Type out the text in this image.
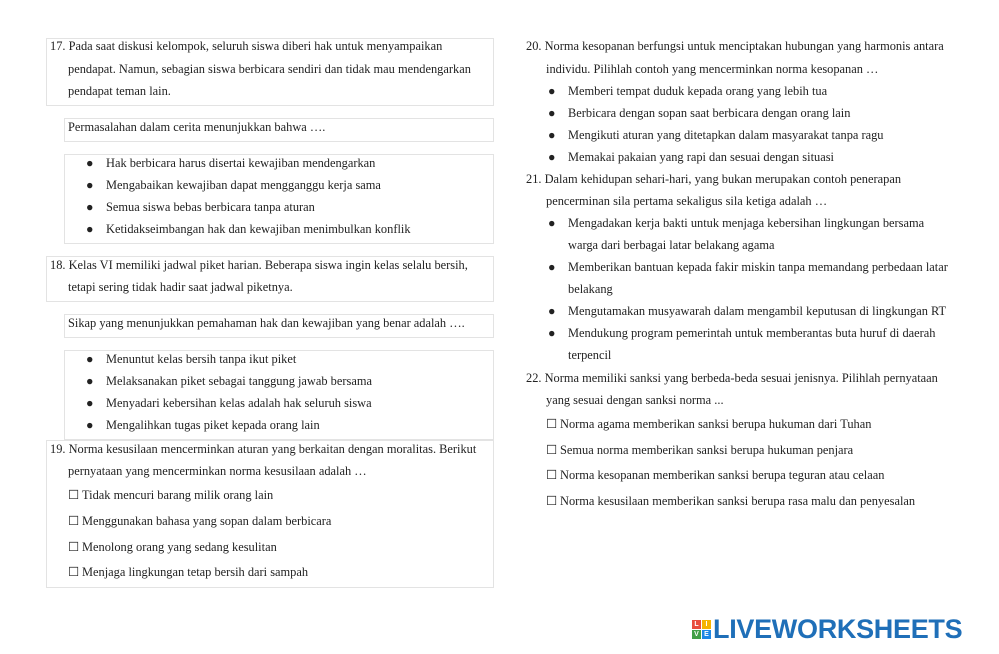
17. Pada saat diskusi kelompok, seluruh siswa diberi hak untuk menyampaikan
pendapat. Namun, sebagian siswa berbicara sendiri dan tidak mau mendengarkan
pendapat teman lain.
Permasalahan dalam cerita menunjukkan bahwa ….
● Hak berbicara harus disertai kewajiban mendengarkan
● Mengabaikan kewajiban dapat mengganggu kerja sama
● Semua siswa bebas berbicara tanpa aturan
● Ketidakseimbangan hak dan kewajiban menimbulkan konflik
18. Kelas VI memiliki jadwal piket harian. Beberapa siswa ingin kelas selalu bersih,
tetapi sering tidak hadir saat jadwal piketnya.
Sikap yang menunjukkan pemahaman hak dan kewajiban yang benar adalah ….
● Menuntut kelas bersih tanpa ikut piket
● Melaksanakan piket sebagai tanggung jawab bersama
● Menyadari kebersihan kelas adalah hak seluruh siswa
● Mengalihkan tugas piket kepada orang lain
19. Norma kesusilaan mencerminkan aturan yang berkaitan dengan moralitas. Berikut
pernyataan yang mencerminkan norma kesusilaan adalah …
☐ Tidak mencuri barang milik orang lain
☐ Menggunakan bahasa yang sopan dalam berbicara
☐ Menolong orang yang sedang kesulitan
☐ Menjaga lingkungan tetap bersih dari sampah
20. Norma kesopanan berfungsi untuk menciptakan hubungan yang harmonis antara
individu. Pilihlah contoh yang mencerminkan norma kesopanan …
● Memberi tempat duduk kepada orang yang lebih tua
● Berbicara dengan sopan saat berbicara dengan orang lain
● Mengikuti aturan yang ditetapkan dalam masyarakat tanpa ragu
● Memakai pakaian yang rapi dan sesuai dengan situasi
21. Dalam kehidupan sehari-hari, yang bukan merupakan contoh penerapan
pencerminan sila pertama sekaligus sila ketiga adalah …
● Mengadakan kerja bakti untuk menjaga kebersihan lingkungan bersama
warga dari berbagai latar belakang agama
● Memberikan bantuan kepada fakir miskin tanpa memandang perbedaan latar
belakang
● Mengutamakan musyawarah dalam mengambil keputusan di lingkungan RT
● Mendukung program pemerintah untuk memberantas buta huruf di daerah
terpencil
22. Norma memiliki sanksi yang berbeda-beda sesuai jenisnya. Pilihlah pernyataan
yang sesuai dengan sanksi norma ...
☐ Norma agama memberikan sanksi berupa hukuman dari Tuhan
☐ Semua norma memberikan sanksi berupa hukuman penjara
☐ Norma kesopanan memberikan sanksi berupa teguran atau celaan
☐ Norma kesusilaan memberikan sanksi berupa rasa malu dan penyesalan
L I
V E LIVEWORKSHEETS
